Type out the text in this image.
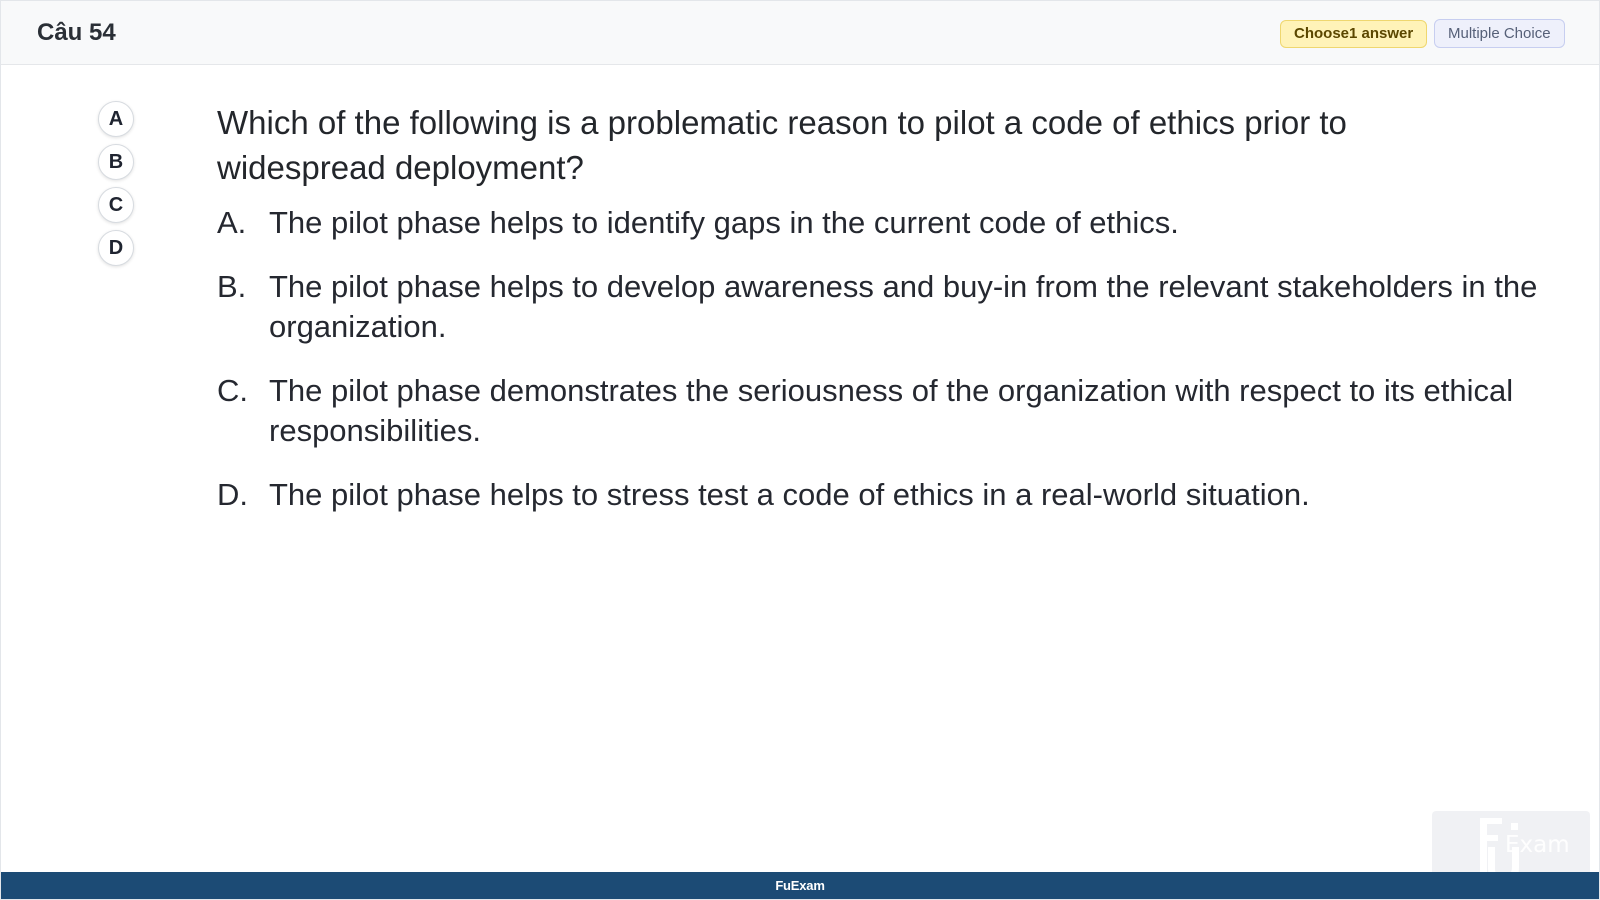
Câu 54	Choose1 answer	Multiple Choice
A
B
C
D

Which of the following is a problematic reason to pilot a code of ethics prior to widespread deployment?

A. The pilot phase helps to identify gaps in the current code of ethics.
B. The pilot phase helps to develop awareness and buy-in from the relevant stakeholders in the organization.
C. The pilot phase demonstrates the seriousness of the organization with respect to its ethical responsibilities.
D. The pilot phase helps to stress test a code of ethics in a real-world situation.
Exam
FuExam
